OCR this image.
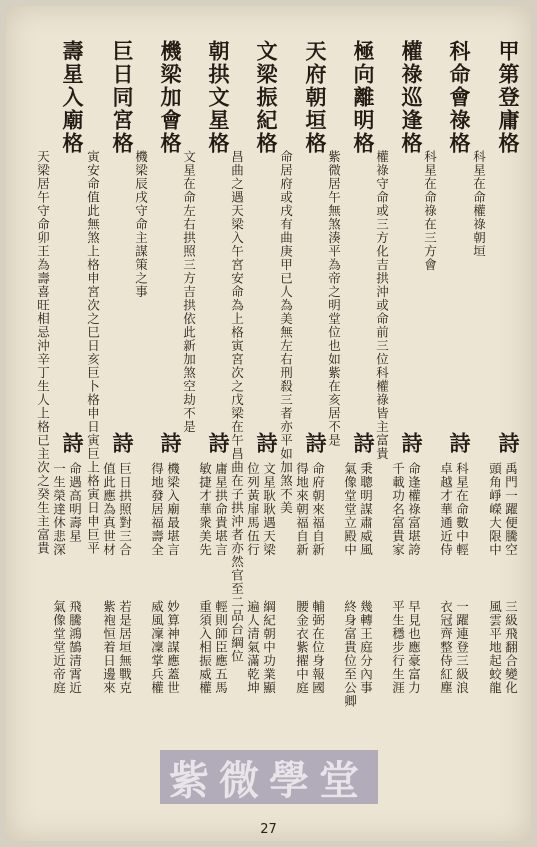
甲第登庸格
科星在命權祿朝垣
詩
禹門一躍便騰空
頭角崢嶸大限中
三級飛翻合變化
風雲平地起蛟龍
科命會祿格
科星在命祿在三方會
詩
科星在命數中輕
卓越才華通近侍
一躍連登三級浪
衣冠齊整侍紅塵
權祿巡逢格
權祿守命或三方化吉拱沖或命前三位科權祿皆主富貴 詩
命逢權祿富堪誇
千載功名富貴家
早見也應豪富力
平生穩步行生涯
極向離明格
紫微居午無煞湊平為帝之明堂位也如紫在亥居不是 詩
秉聰明謀肅威風
氣像堂堂立殿中
幾轉王庭分內事
終身富貴位至公卿
天府朝垣格
命居府或戌有曲庚甲已人為美無左右刑殺三者亦平如加煞不美 詩
命府朝來福自新
得地來朝福自新
輔弼在位身報國
腰金衣紫擢中庭
文梁振紀格
昌曲之遇天梁入午宮安命為上格寅宮次之戊梁在午昌曲在子拱沖者亦然官至二品台綱位 詩
文星耿耿遇天梁
位列黃扉馬伍行
綱紀朝中功業顯
遍人清氣滿乾坤
朝拱文星格
文星在命左右拱照三方吉拱依此新加煞空劫不是
詩
庸星拱命貴堪言
敏捷才華衆美先
輕則師臣應五馬
重須入相振威權
機梁加會格
機梁辰戌守命主謀策之事
詩
機梁入廟最堪言
得地發居福壽全
妙算神謀應蓋世
威風凜凜掌兵權
巨日同宮格
寅安命值此無煞上格申宮次之巳日亥巨卜格申日寅巨上格寅日申巨平 詩
巨日拱照對三合
值此應為真世材
若是居垣無戰克
紫袍恒着日邊來
壽星入廟格
天梁居午守命卯王為壽喜旺相忌沖辛丁生人上格已主次之癸生主富貴 詩
命遇高明壽星
一生榮達休悲深
飛騰鴻鵠清霄近
氣像堂堂近帝庭
紫微學堂
27
